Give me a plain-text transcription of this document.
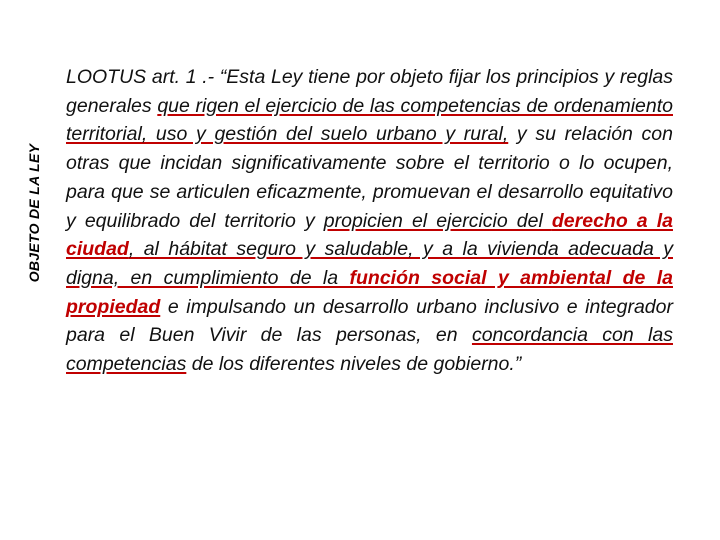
OBJETO DE LA LEY
LOOTUS art. 1 .- “Esta Ley tiene por objeto fijar los principios y reglas generales que rigen el ejercicio de las competencias de ordenamiento territorial, uso y gestión del suelo urbano y rural, y su relación con otras que incidan significativamente sobre el territorio o lo ocupen, para que se articulen eficazmente, promuevan el desarrollo equitativo y equilibrado del territorio y propicien el ejercicio del derecho a la ciudad, al hábitat seguro y saludable, y a la vivienda adecuada y digna, en cumplimiento de la función social y ambiental de la propiedad e impulsando un desarrollo urbano inclusivo e integrador para el Buen Vivir de las personas, en concordancia con las competencias de los diferentes niveles de gobierno.”
